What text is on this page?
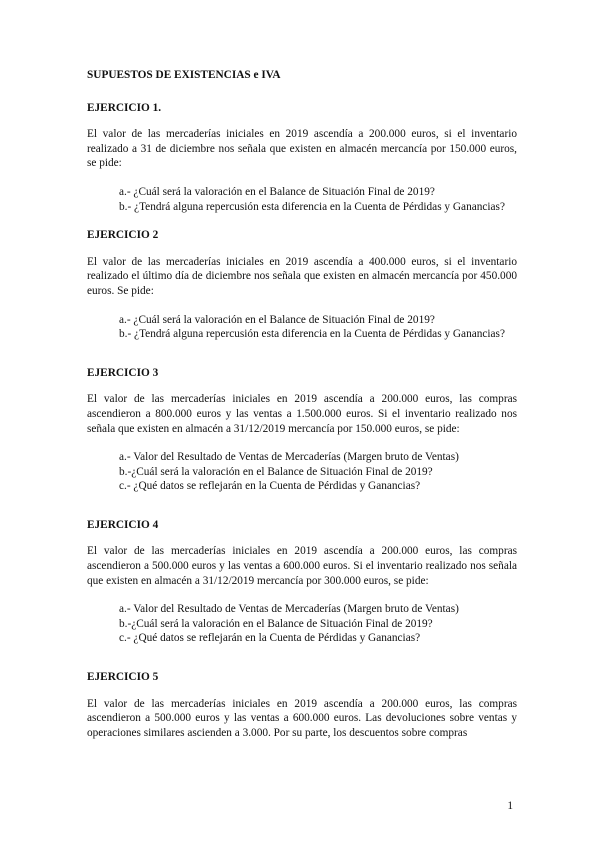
SUPUESTOS DE EXISTENCIAS e IVA
EJERCICIO 1.

El valor de las mercaderías iniciales en 2019 ascendía a 200.000 euros, si el inventario realizado a 31 de diciembre nos señala que existen en almacén mercancía por 150.000 euros, se pide:

a.- ¿Cuál será la valoración en el Balance de Situación Final de 2019?
b.- ¿Tendrá alguna repercusión esta diferencia en la Cuenta de Pérdidas y Ganancias?
EJERCICIO 2

El valor de las mercaderías iniciales en 2019 ascendía a 400.000 euros, si el inventario realizado el último día de diciembre nos señala que existen en almacén mercancía por 450.000 euros. Se pide:

a.- ¿Cuál será la valoración en el Balance de Situación Final de 2019?
b.- ¿Tendrá alguna repercusión esta diferencia en la Cuenta de Pérdidas y Ganancias?
EJERCICIO 3

El valor de las mercaderías iniciales en 2019 ascendía a 200.000 euros, las compras ascendieron a 800.000 euros y las ventas a 1.500.000 euros. Si el inventario realizado nos señala que existen en almacén a 31/12/2019 mercancía por 150.000 euros, se pide:

a.- Valor del Resultado de Ventas de Mercaderías (Margen bruto de Ventas)
b.-¿Cuál será la valoración en el Balance de Situación Final de 2019?
c.- ¿Qué datos se reflejarán en la Cuenta de Pérdidas y Ganancias?
EJERCICIO 4

El valor de las mercaderías iniciales en 2019 ascendía a 200.000 euros, las compras ascendieron a 500.000 euros y las ventas a 600.000 euros. Si el inventario realizado nos señala que existen en almacén a 31/12/2019 mercancía por 300.000 euros, se pide:

a.- Valor del Resultado de Ventas de Mercaderías (Margen bruto de Ventas)
b.-¿Cuál será la valoración en el Balance de Situación Final de 2019?
c.- ¿Qué datos se reflejarán en la Cuenta de Pérdidas y Ganancias?
EJERCICIO 5

El valor de las mercaderías iniciales en 2019 ascendía a 200.000 euros, las compras ascendieron a 500.000 euros y las ventas a 600.000 euros. Las devoluciones sobre ventas y operaciones similares ascienden a 3.000. Por su parte, los descuentos sobre compras

1
